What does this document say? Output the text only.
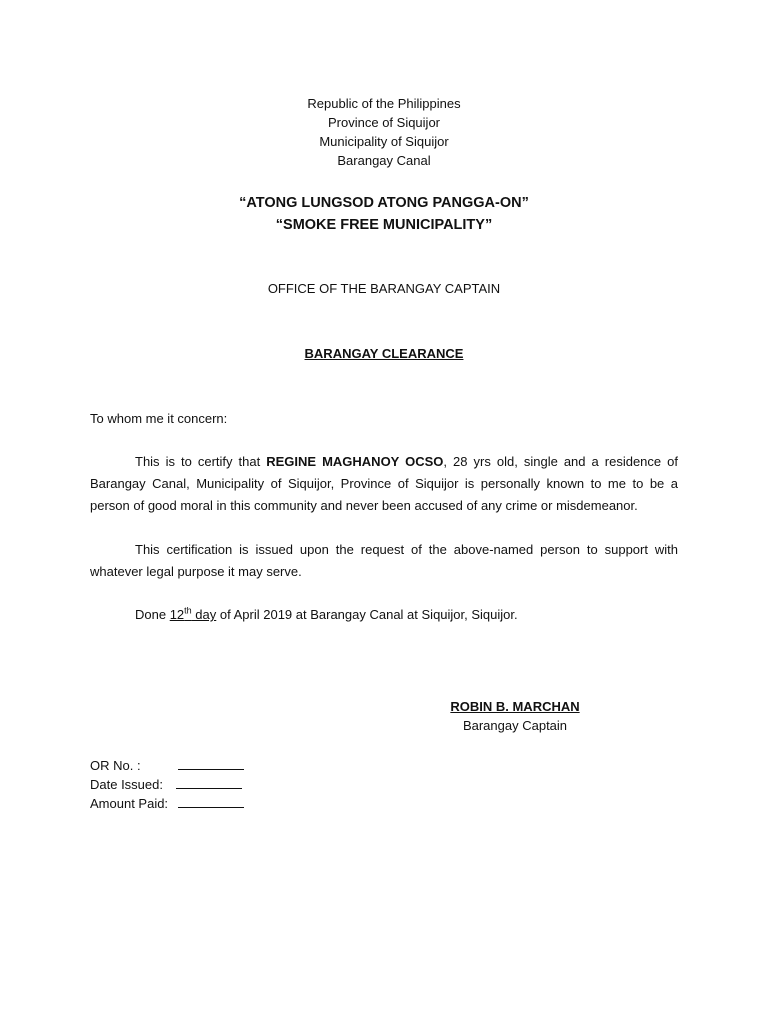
Republic of the Philippines
Province of Siquijor
Municipality of Siquijor
Barangay Canal
“ATONG LUNGSOD ATONG PANGGA-ON”
“SMOKE FREE MUNICIPALITY”
OFFICE OF THE BARANGAY CAPTAIN
BARANGAY CLEARANCE
To whom me it concern:
This is to certify that REGINE MAGHANOY OCSO, 28 yrs old, single and a residence of Barangay Canal, Municipality of Siquijor, Province of Siquijor is personally known to me to be a person of good moral in this community and never been accused of any crime or misdemeanor.
This certification is issued upon the request of the above-named person to support with whatever legal purpose it may serve.
Done 12th day of April 2019 at Barangay Canal at Siquijor, Siquijor.
ROBIN B. MARCHAN
Barangay Captain
OR No. :
Date Issued:
Amount Paid:
